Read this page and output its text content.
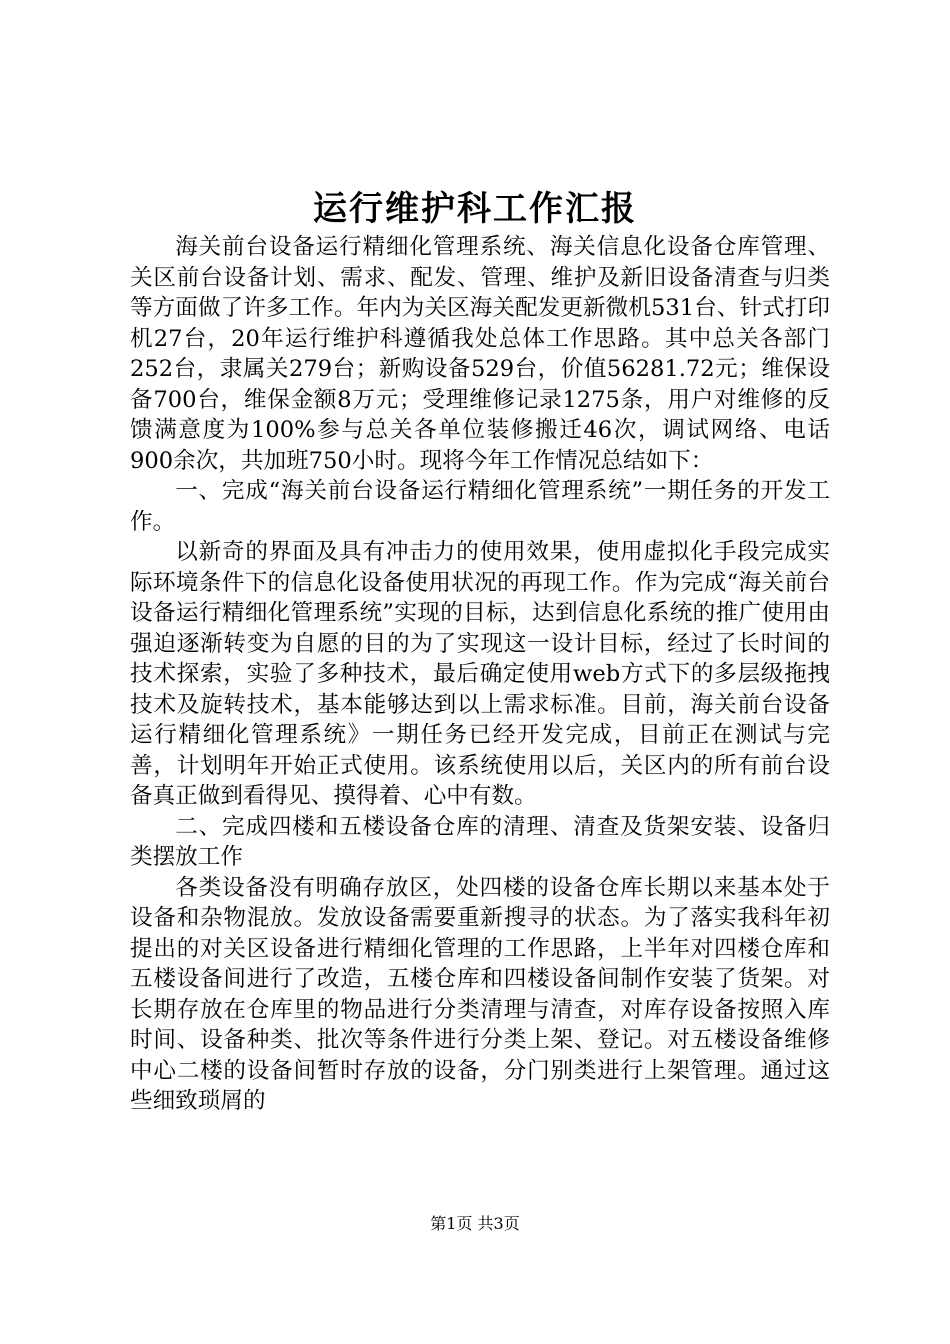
运行维护科工作汇报

海关前台设备运行精细化管理系统、海关信息化设备仓库管理、关区前台设备计划、需求、配发、管理、维护及新旧设备清查与归类等方面做了许多工作。年内为关区海关配发更新微机531台、针式打印机27台，20年运行维护科遵循我处总体工作思路。其中总关各部门252台，隶属关279台；新购设备529台，价值56281.72元；维保设备700台，维保金额8万元；受理维修记录1275条，用户对维修的反馈满意度为100%参与总关各单位装修搬迁46次，调试网络、电话900余次，共加班750小时。现将今年工作情况总结如下：

一、完成“海关前台设备运行精细化管理系统”一期任务的开发工作。

以新奇的界面及具有冲击力的使用效果，使用虚拟化手段完成实际环境条件下的信息化设备使用状况的再现工作。作为完成“海关前台设备运行精细化管理系统”实现的目标，达到信息化系统的推广使用由强迫逐渐转变为自愿的目的为了实现这一设计目标，经过了长时间的技术探索，实验了多种技术，最后确定使用web方式下的多层级拖拽技术及旋转技术，基本能够达到以上需求标准。目前，海关前台设备运行精细化管理系统》一期任务已经开发完成，目前正在测试与完善，计划明年开始正式使用。该系统使用以后，关区内的所有前台设备真正做到看得见、摸得着、心中有数。

二、完成四楼和五楼设备仓库的清理、清查及货架安装、设备归类摆放工作

各类设备没有明确存放区，处四楼的设备仓库长期以来基本处于设备和杂物混放。发放设备需要重新搜寻的状态。为了落实我科年初提出的对关区设备进行精细化管理的工作思路，上半年对四楼仓库和五楼设备间进行了改造，五楼仓库和四楼设备间制作安装了货架。对长期存放在仓库里的物品进行分类清理与清查，对库存设备按照入库时间、设备种类、批次等条件进行分类上架、登记。对五楼设备维修中心二楼的设备间暂时存放的设备，分门别类进行上架管理。通过这些细致琐屑的

第1页 共3页
